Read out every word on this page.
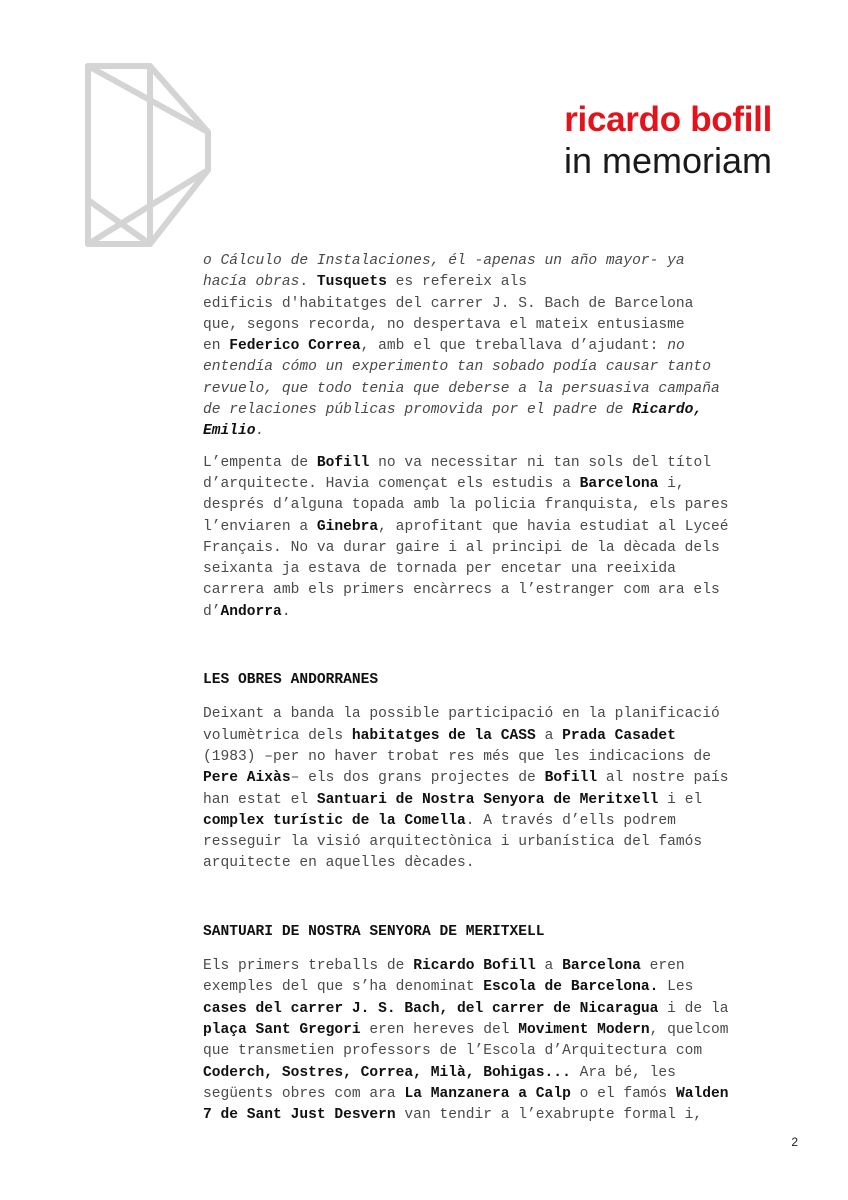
ricardo bofill
in memoriam

o Cálculo de Instalaciones, él -apenas un año mayor- ya

hacía obras. Tusquets es refereix als

edificis d'habitatges del carrer J. S. Bach de Barcelona

que, segons recorda, no despertava el mateix entusiasme

en Federico Correa, amb el que treballava d’ajudant: no

entendía cómo un experimento tan sobado podía causar tanto

revuelo, que todo tenia que deberse a la persuasiva campaña

de relaciones públicas promovida por el padre de Ricardo,

Emilio.

L’empenta de Bofill no va necessitar ni tan sols del títol

d’arquitecte. Havia començat els estudis a Barcelona i,

després d’alguna topada amb la policia franquista, els pares

l’enviaren a Ginebra, aprofitant que havia estudiat al Lyceé

Français. No va durar gaire i al principi de la dècada dels

seixanta ja estava de tornada per encetar una reeixida

carrera amb els primers encàrrecs a l’estranger com ara els

d’Andorra.

LES OBRES ANDORRANES

Deixant a banda la possible participació en la planificació

volumètrica dels habitatges de la CASS a Prada Casadet

(1983) –per no haver trobat res més que les indicacions de

Pere Aixàs– els dos grans projectes de Bofill al nostre país

han estat el Santuari de Nostra Senyora de Meritxell i el

complex turístic de la Comella. A través d’ells podrem

resseguir la visió arquitectònica i urbanística del famós

arquitecte en aquelles dècades.

SANTUARI DE NOSTRA SENYORA DE MERITXELL

Els primers treballs de Ricardo Bofill a Barcelona eren

exemples del que s’ha denominat Escola de Barcelona. Les

cases del carrer J. S. Bach, del carrer de Nicaragua i de la

plaça Sant Gregori eren hereves del Moviment Modern, quelcom

que transmetien professors de l’Escola d’Arquitectura com

Coderch, Sostres, Correa, Milà, Bohigas... Ara bé, les

següents obres com ara La Manzanera a Calp o el famós Walden

7 de Sant Just Desvern van tendir a l’exabrupte formal i,

2
